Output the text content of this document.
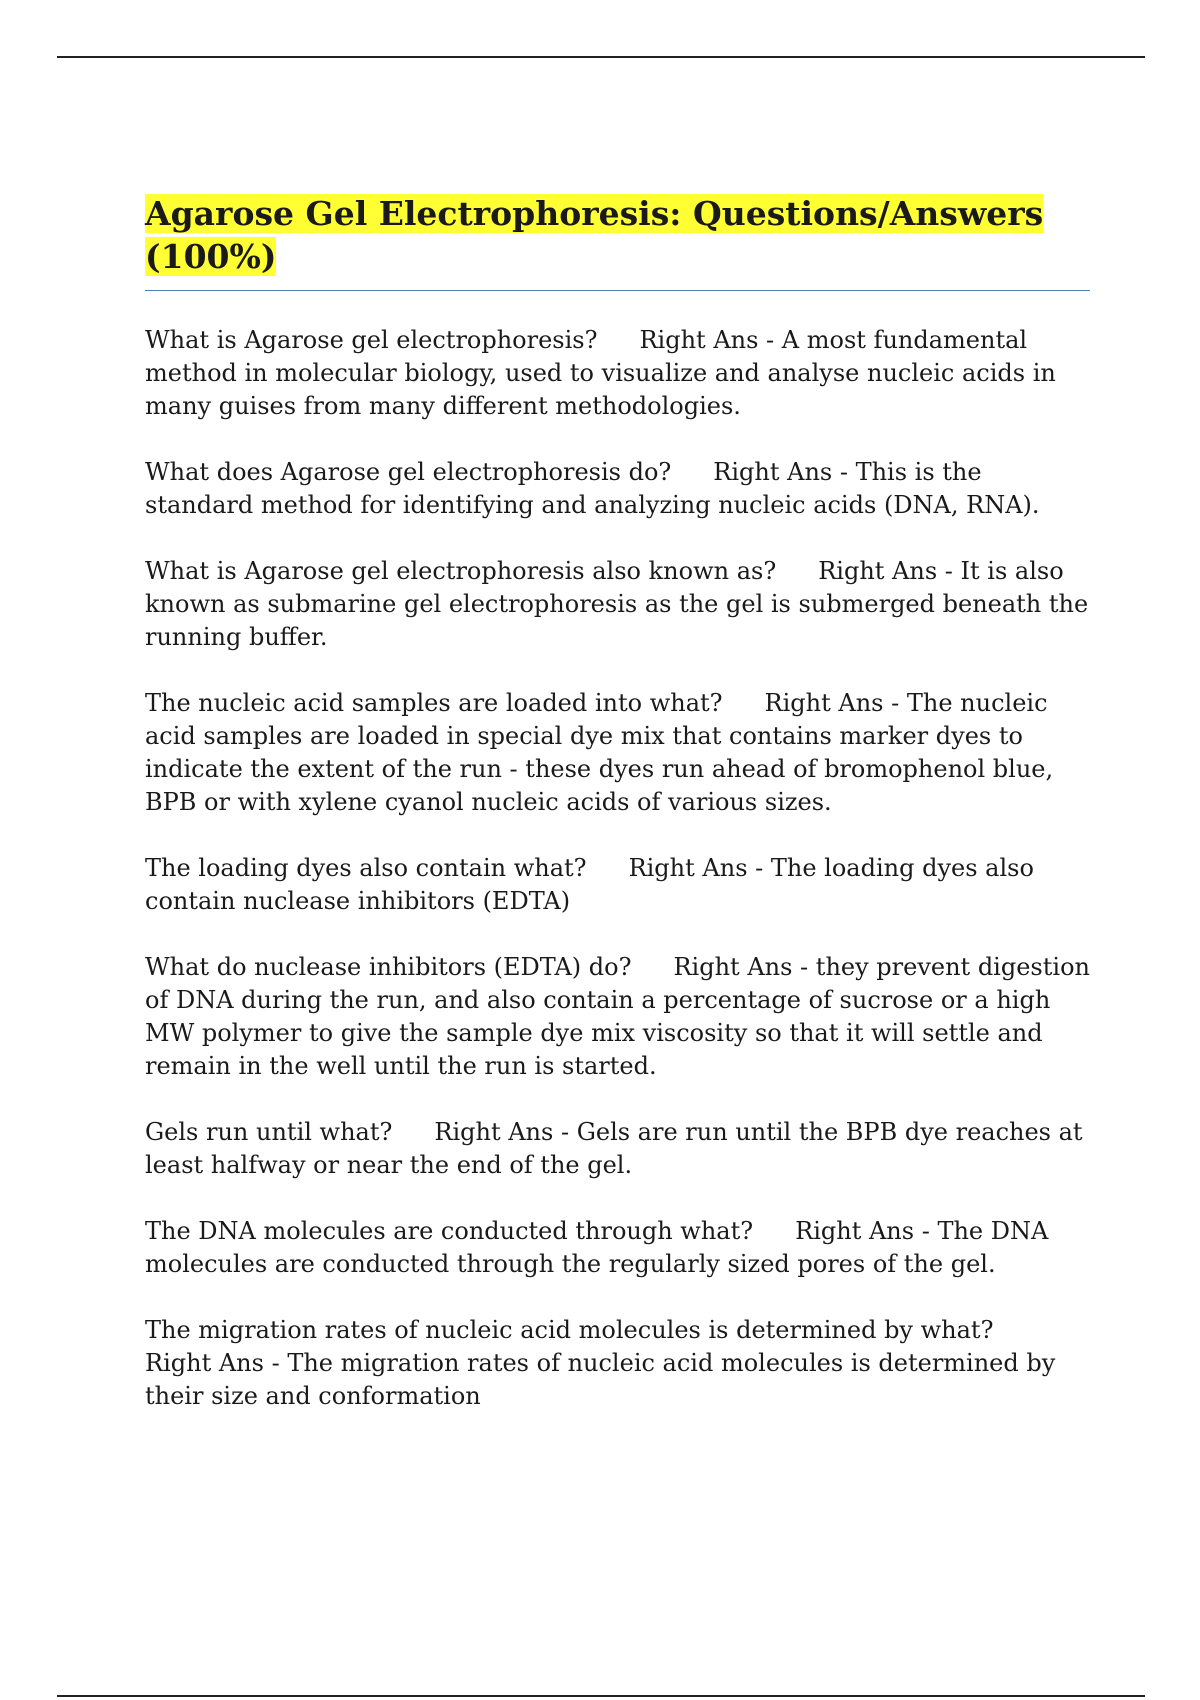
Agarose Gel Electrophoresis: Questions/Answers (100%)

What is Agarose gel electrophoresis? Right Ans - A most fundamental method in molecular biology, used to visualize and analyse nucleic acids in many guises from many different methodologies.

What does Agarose gel electrophoresis do? Right Ans - This is the standard method for identifying and analyzing nucleic acids (DNA, RNA).

What is Agarose gel electrophoresis also known as? Right Ans - It is also known as submarine gel electrophoresis as the gel is submerged beneath the running buffer.

The nucleic acid samples are loaded into what? Right Ans - The nucleic acid samples are loaded in special dye mix that contains marker dyes to indicate the extent of the run - these dyes run ahead of bromophenol blue, BPB or with xylene cyanol nucleic acids of various sizes.

The loading dyes also contain what? Right Ans - The loading dyes also contain nuclease inhibitors (EDTA)

What do nuclease inhibitors (EDTA) do? Right Ans - they prevent digestion of DNA during the run, and also contain a percentage of sucrose or a high MW polymer to give the sample dye mix viscosity so that it will settle and remain in the well until the run is started.

Gels run until what? Right Ans - Gels are run until the BPB dye reaches at least halfway or near the end of the gel.

The DNA molecules are conducted through what? Right Ans - The DNA molecules are conducted through the regularly sized pores of the gel.

The migration rates of nucleic acid molecules is determined by what?Right Ans - The migration rates of nucleic acid molecules is determined by their size and conformation
